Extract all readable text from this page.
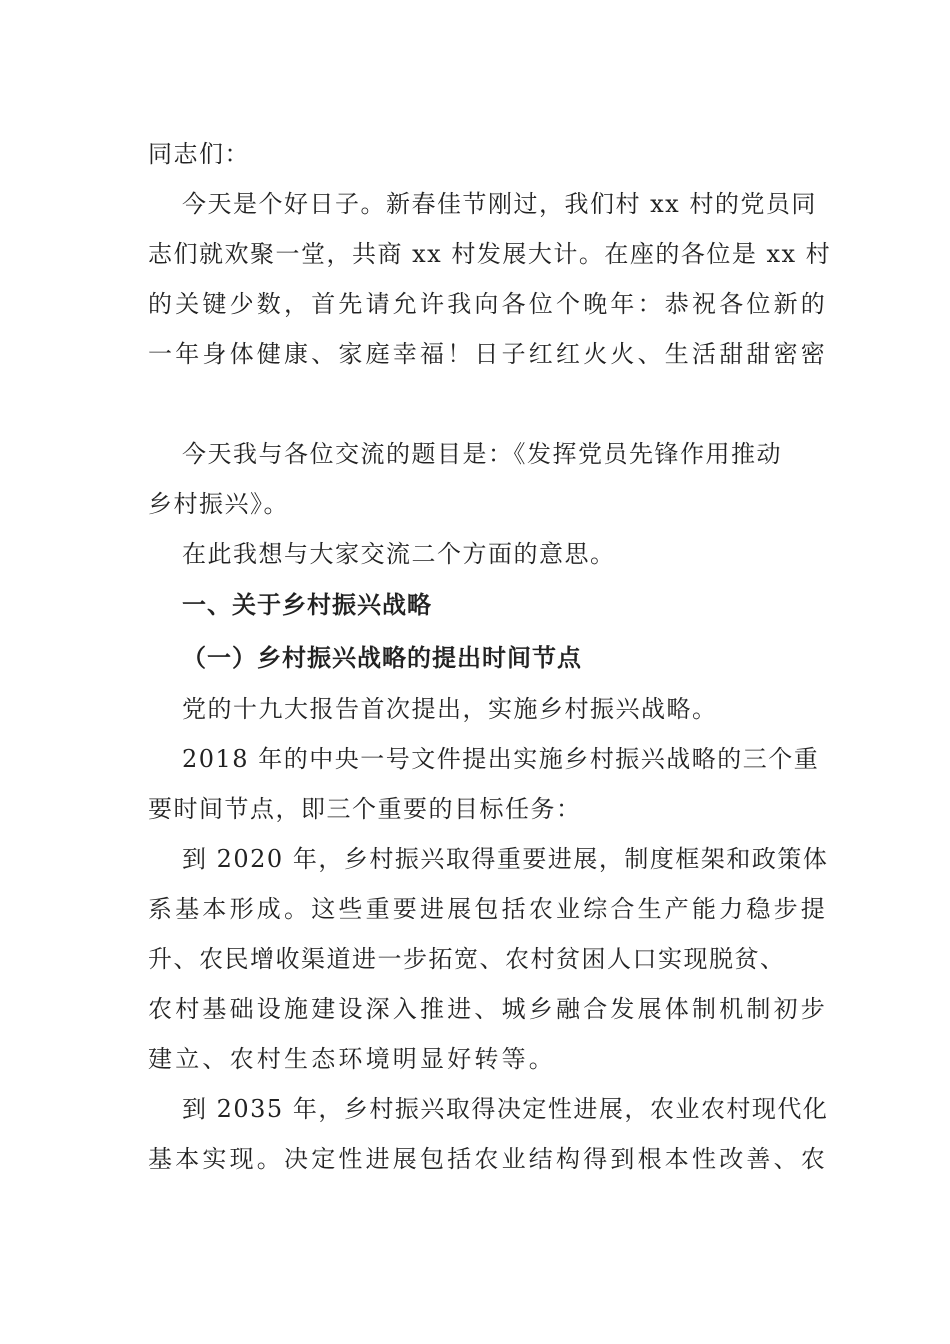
同志们：
今天是个好日子。新春佳节刚过，我们村 xx 村的党员同
志们就欢聚一堂，共商 xx 村发展大计。在座的各位是 xx 村
的关键少数，首先请允许我向各位个晚年：恭祝各位新的
一年身体健康、家庭幸福！日子红红火火、生活甜甜密密
今天我与各位交流的题目是：《发挥党员先锋作用推动
乡村振兴》。
在此我想与大家交流二个方面的意思。
一、关于乡村振兴战略
（一）乡村振兴战略的提出时间节点
党的十九大报告首次提出，实施乡村振兴战略。
2018 年的中央一号文件提出实施乡村振兴战略的三个重
要时间节点，即三个重要的目标任务：
到 2020 年，乡村振兴取得重要进展，制度框架和政策体
系基本形成。这些重要进展包括农业综合生产能力稳步提
升、农民增收渠道进一步拓宽、农村贫困人口实现脱贫、
农村基础设施建设深入推进、城乡融合发展体制机制初步
建立、农村生态环境明显好转等。
到 2035 年，乡村振兴取得决定性进展，农业农村现代化
基本实现。决定性进展包括农业结构得到根本性改善、农
